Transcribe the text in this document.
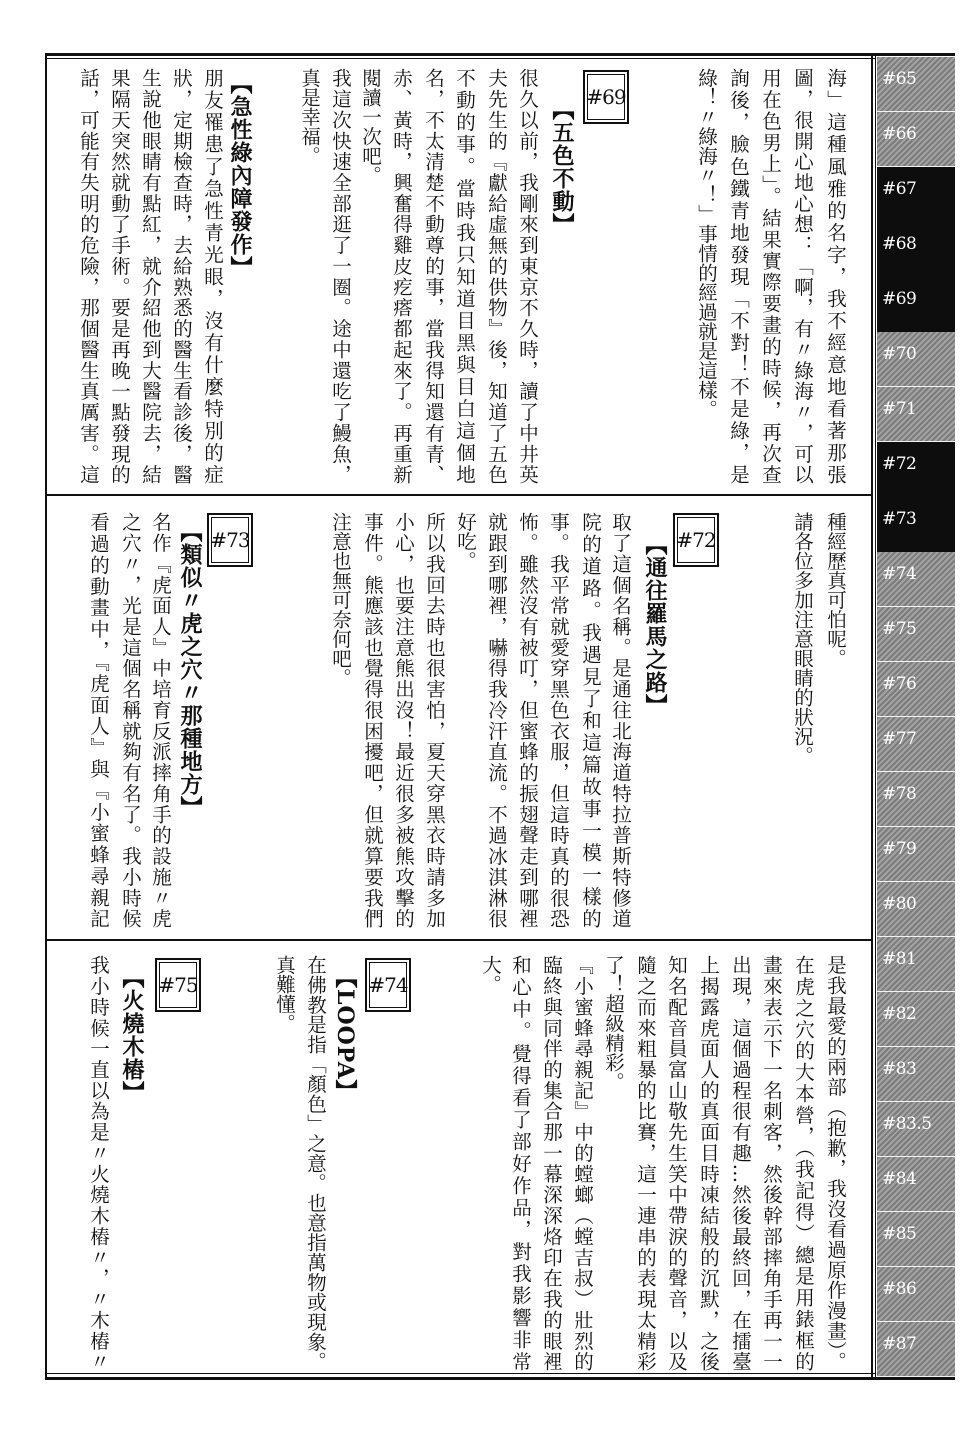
海」這種風雅的名字，我不經意地看著那張
圖，很開心地心想：「啊，有〃綠海〃，可以
用在色男上」。結果實際要畫的時候，再次查
詢後，臉色鐵青地發現「不對！不是綠，是
綠！〃綠海〃！」事情的經過就是這樣。
#69
【五色不動】
很久以前，我剛來到東京不久時，讀了中井英
夫先生的『獻給虛無的供物』後，知道了五色
不動的事。當時我只知道目黑與目白這個地
名，不太清楚不動尊的事，當我得知還有青、
赤、黃時，興奮得雞皮疙瘩都起來了。再重新
閱讀一次吧。
我這次快速全部逛了一圈。途中還吃了鰻魚，
真是幸福。
【急性綠內障發作】
朋友罹患了急性青光眼，沒有什麼特別的症
狀，定期檢查時，去給熟悉的醫生看診後，醫
生說他眼睛有點紅，就介紹他到大醫院去，結
果隔天突然就動了手術。要是再晚一點發現的
話，可能有失明的危險，那個醫生真厲害。這
種經歷真可怕呢。
請各位多加注意眼睛的狀況。
#72
【通往羅馬之路】
取了這個名稱。是通往北海道特拉普斯特修道
院的道路。我遇見了和這篇故事一模一樣的
事。我平常就愛穿黑色衣服，但這時真的很恐
怖。雖然沒有被叮，但蜜蜂的振翅聲走到哪裡
就跟到哪裡，嚇得我冷汗直流。不過冰淇淋很
好吃。
所以我回去時也很害怕，夏天穿黑衣時請多加
小心，也要注意熊出沒！最近很多被熊攻擊的
事件。熊應該也覺得很困擾吧，但就算要我們
注意也無可奈何吧。
#73
【類似〃虎之穴〃那種地方】
名作『虎面人』中培育反派摔角手的設施〃虎
之穴〃，光是這個名稱就夠有名了。我小時候
看過的動畫中，『虎面人』與『小蜜蜂尋親記
是我最愛的兩部（抱歉，我沒看過原作漫畫）。
在虎之穴的大本營，（我記得）總是用錶框的
畫來表示下一名刺客，然後幹部摔角手再一一
出現，這個過程很有趣…然後最終回，在擂臺
上揭露虎面人的真面目時凍結般的沉默，之後
知名配音員富山敬先生笑中帶淚的聲音，以及
隨之而來粗暴的比賽，這一連串的表現太精彩
了！超級精彩。
『小蜜蜂尋親記』中的螳螂（螳吉叔）壯烈的
臨終與同伴的集合那一幕深深烙印在我的眼裡
和心中。覺得看了部好作品，對我影響非常
大。
#74
【LOOPA】
在佛教是指「顏色」之意。也意指萬物或現象。
真難懂。
#75
【火燒木樁】
我小時候一直以為是〃火燒木樁〃，〃木樁〃
#65
#66
#67
#68
#69
#70
#71
#72
#73
#74
#75
#76
#77
#78
#79
#80
#81
#82
#83
#83.5
#84
#85
#86
#87
